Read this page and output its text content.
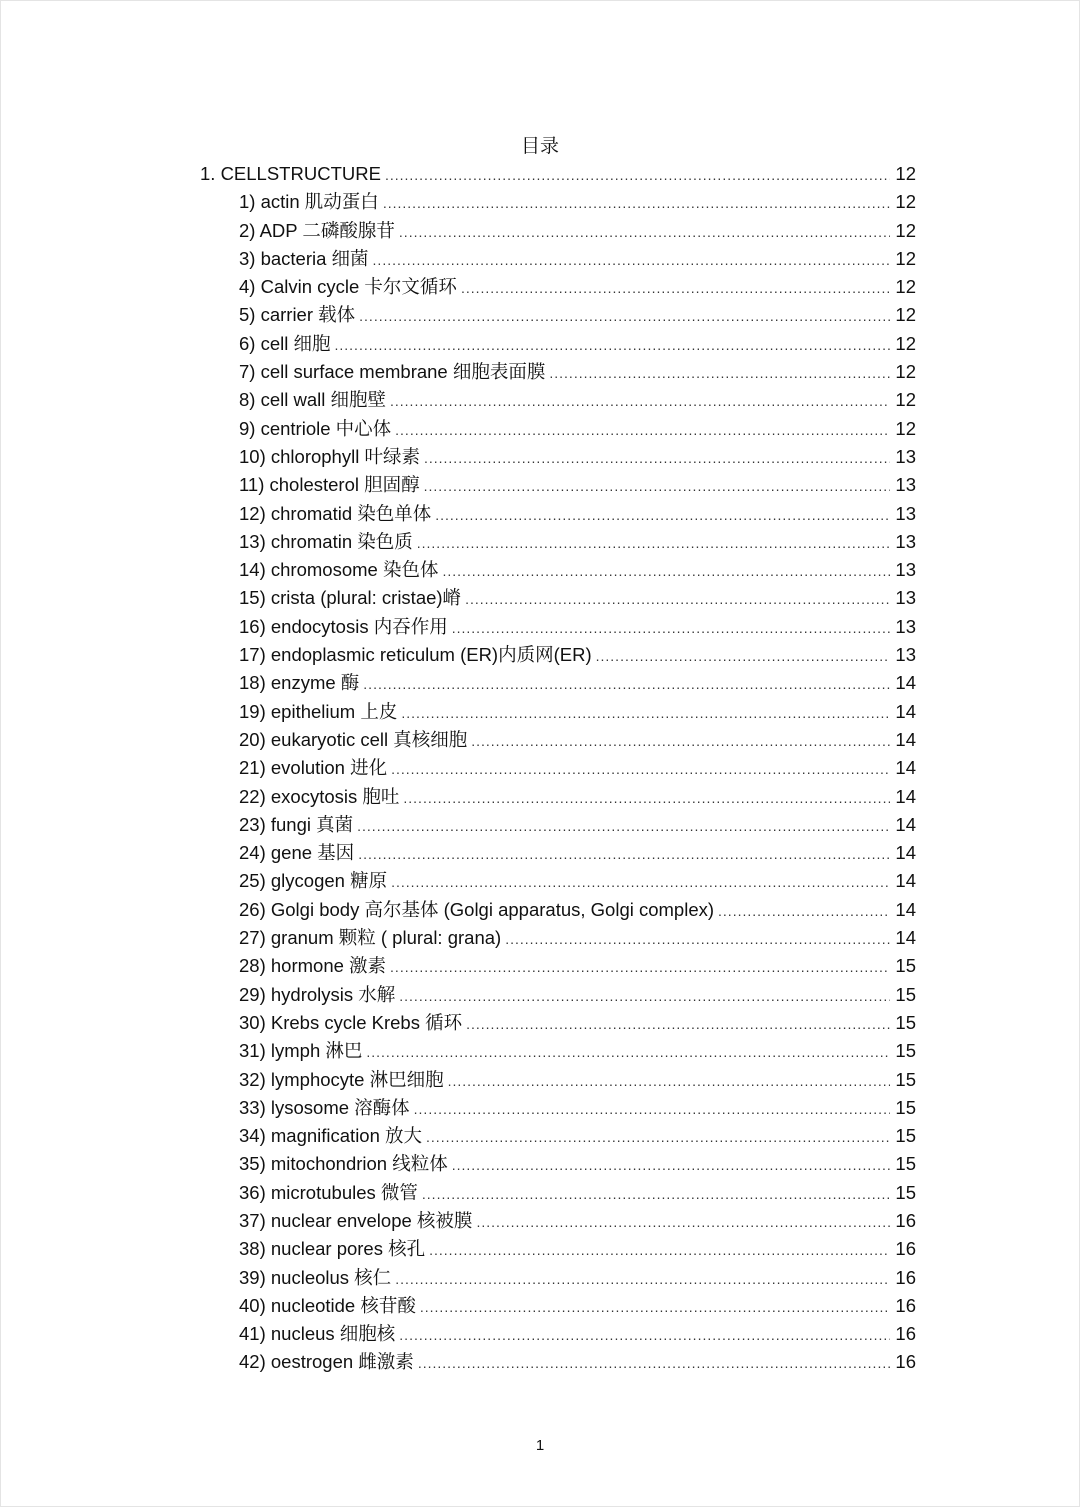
目录
1. CELLSTRUCTURE .....	12
1) actin 肌动蛋白 .....	12
2) ADP 二磷酸腺苷 .....	12
3) bacteria 细菌 .....	12
4) Calvin cycle 卡尔文循环 .....	12
5) carrier 载体 .....	12
6) cell 细胞 .....	12
7) cell surface membrane 细胞表面膜 .....	12
8) cell wall 细胞壁 .....	12
9) centriole 中心体 .....	12
10) chlorophyll 叶绿素 .....	13
11) cholesterol 胆固醇 .....	13
12) chromatid 染色单体 .....	13
13) chromatin 染色质 .....	13
14) chromosome 染色体 .....	13
15) crista (plural: cristae)嵴 .....	13
16) endocytosis 内吞作用 .....	13
17) endoplasmic reticulum (ER)内质网(ER) .....	13
18) enzyme 酶 .....	14
19) epithelium 上皮 .....	14
20) eukaryotic cell 真核细胞 .....	14
21) evolution 进化 .....	14
22) exocytosis 胞吐 .....	14
23) fungi 真菌 .....	14
24) gene 基因 .....	14
25) glycogen 糖原 .....	14
26) Golgi body 高尔基体 (Golgi apparatus, Golgi complex) .....	14
27) granum 颗粒 ( plural: grana) .....	14
28) hormone 激素 .....	15
29) hydrolysis 水解 .....	15
30) Krebs cycle Krebs 循环 .....	15
31) lymph 淋巴 .....	15
32) lymphocyte 淋巴细胞 .....	15
33) lysosome 溶酶体 .....	15
34) magnification 放大 .....	15
35) mitochondrion 线粒体 .....	15
36) microtubules 微管 .....	15
37) nuclear envelope 核被膜 .....	16
38) nuclear pores 核孔 .....	16
39) nucleolus 核仁 .....	16
40) nucleotide 核苷酸 .....	16
41) nucleus 细胞核 .....	16
42) oestrogen 雌激素 .....	16
1
